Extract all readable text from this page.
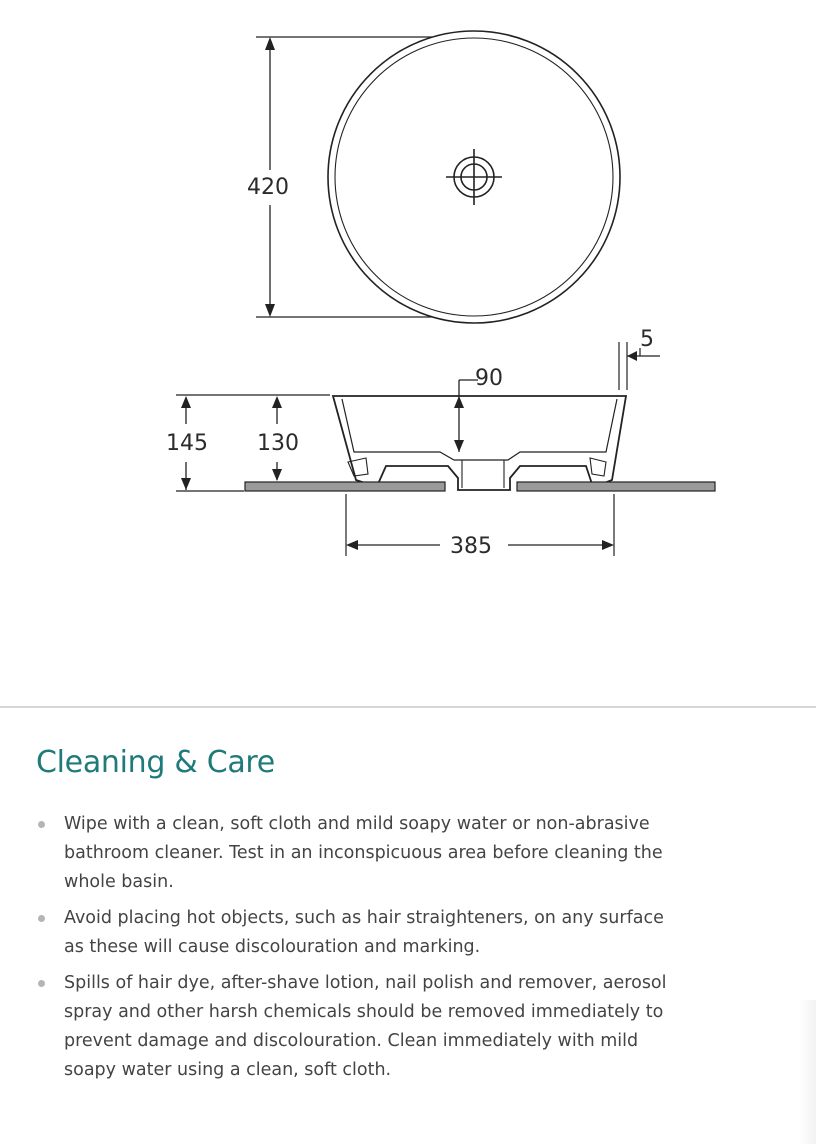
420
145 130
90
5
385
Cleaning & Care
Wipe with a clean, soft cloth and mild soapy water or non-abrasive bathroom cleaner. Test in an inconspicuous area before cleaning the whole basin.
Avoid placing hot objects, such as hair straighteners, on any surface as these will cause discolouration and marking.
Spills of hair dye, after-shave lotion, nail polish and remover, aerosol spray and other harsh chemicals should be removed immediately to prevent damage and discolouration. Clean immediately with mild soapy water using a clean, soft cloth.
